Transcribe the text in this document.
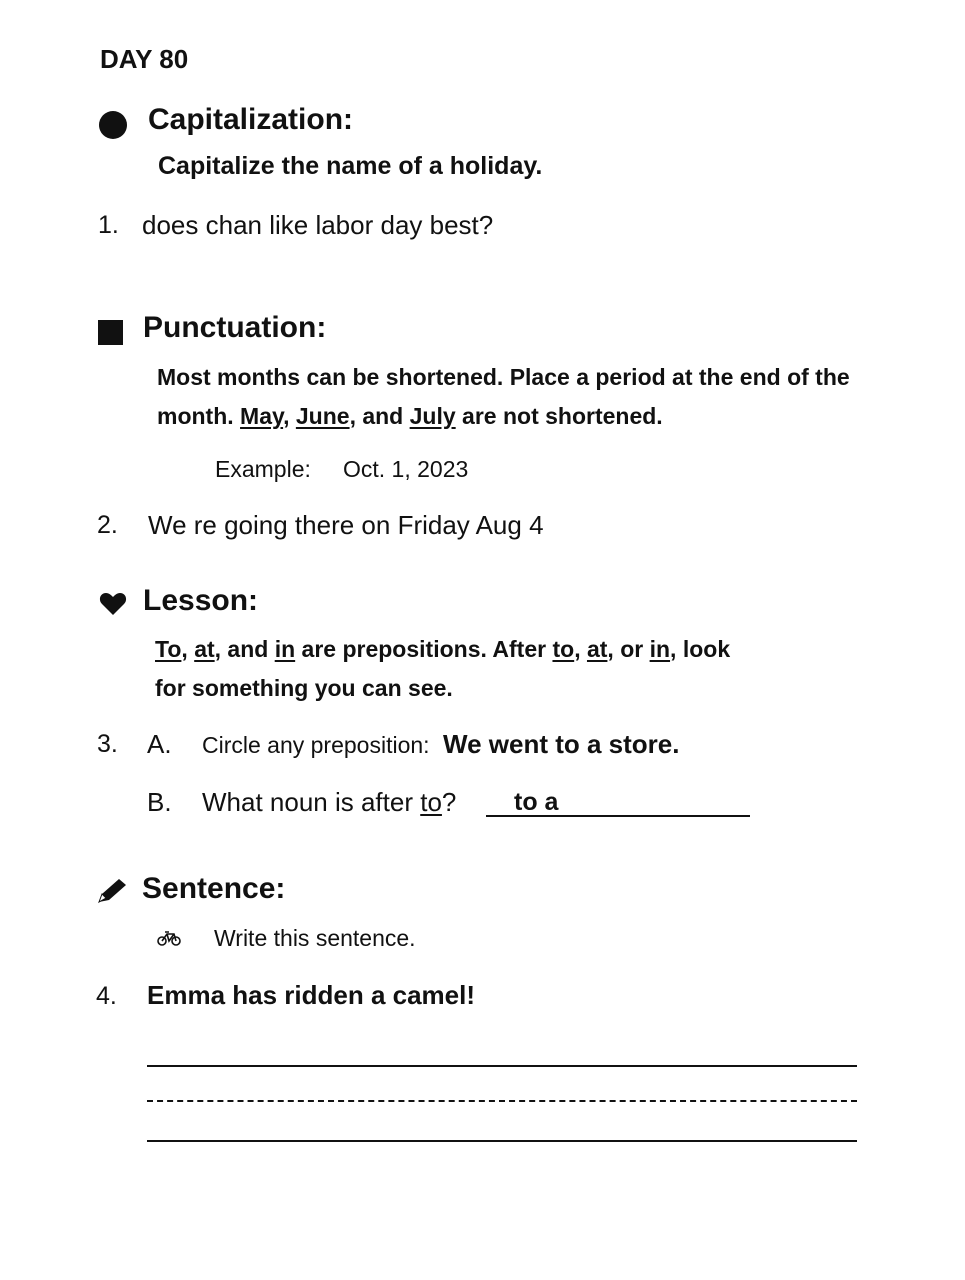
DAY 80
Capitalization:
Capitalize the name of a holiday.
1. does chan like labor day best?
Punctuation:
Most months can be shortened. Place a period at the end of the
month. May, June, and July are not shortened.
Example: Oct. 1, 2023
2. We re going there on Friday Aug 4
Lesson:
To, at, and in are prepositions. After to, at, or in, look
for something you can see.
3. A. Circle any preposition: We went to a store.
B. What noun is after to? to a
Sentence:
Write this sentence.
4. Emma has ridden a camel!
